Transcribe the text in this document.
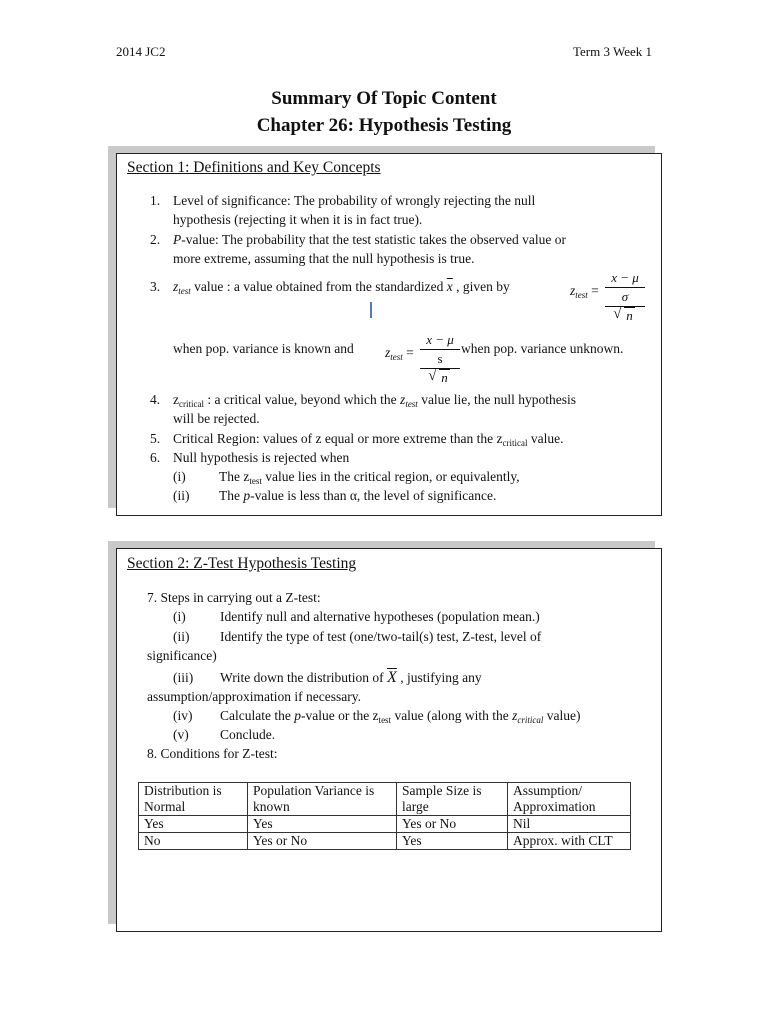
2014 JC2	Term 3 Week 1
Summary Of Topic Content
Chapter 26: Hypothesis Testing
Section 1: Definitions and Key Concepts
1. Level of significance: The probability of wrongly rejecting the null
hypothesis (rejecting it when it is in fact true).
2. P-value: The probability that the test statistic takes the observed value or
more extreme, assuming that the null hypothesis is true.
3. $z_{test}$ value : a value obtained from the standardized $\overline{x}$ , given by	$z_{test}$ =
x − μ
σ
√ n
when pop. variance is known and $z_{test}$ =
x − μ
s
√ n
when pop. variance unknown.
4. $z_{critical}$ : a critical value, beyond which the $z_{test}$ value lie, the null hypothesis
will be rejected.
5. Critical Region: values of z equal or more extreme than the $z_{critical}$ value.
6. Null hypothesis is rejected when
(i) The $z_{test}$ value lies in the critical region, or equivalently,
(ii) The p-value is less than α, the level of significance.
Section 2: Z-Test Hypothesis Testing
7. Steps in carrying out a Z-test:
(i)	Identify null and alternative hypotheses (population mean.)
(ii) Identify the type of test (one/two-tail(s) test, Z-test, level of
significance)
(iii) Write down the distribution of $\overline{X}$ , justifying any
assumption/approximation if necessary.
(iv) Calculate the p-value or the $z_{test}$ value (along with the $z_{critical}$ value)
(v) Conclude.
8. Conditions for Z-test:
Distribution is Normal	Population Variance is known	Sample Size is large	Assumption/ Approximation
Yes	Yes	Yes or No	Nil
No	Yes or No	Yes	Approx. with CLT
